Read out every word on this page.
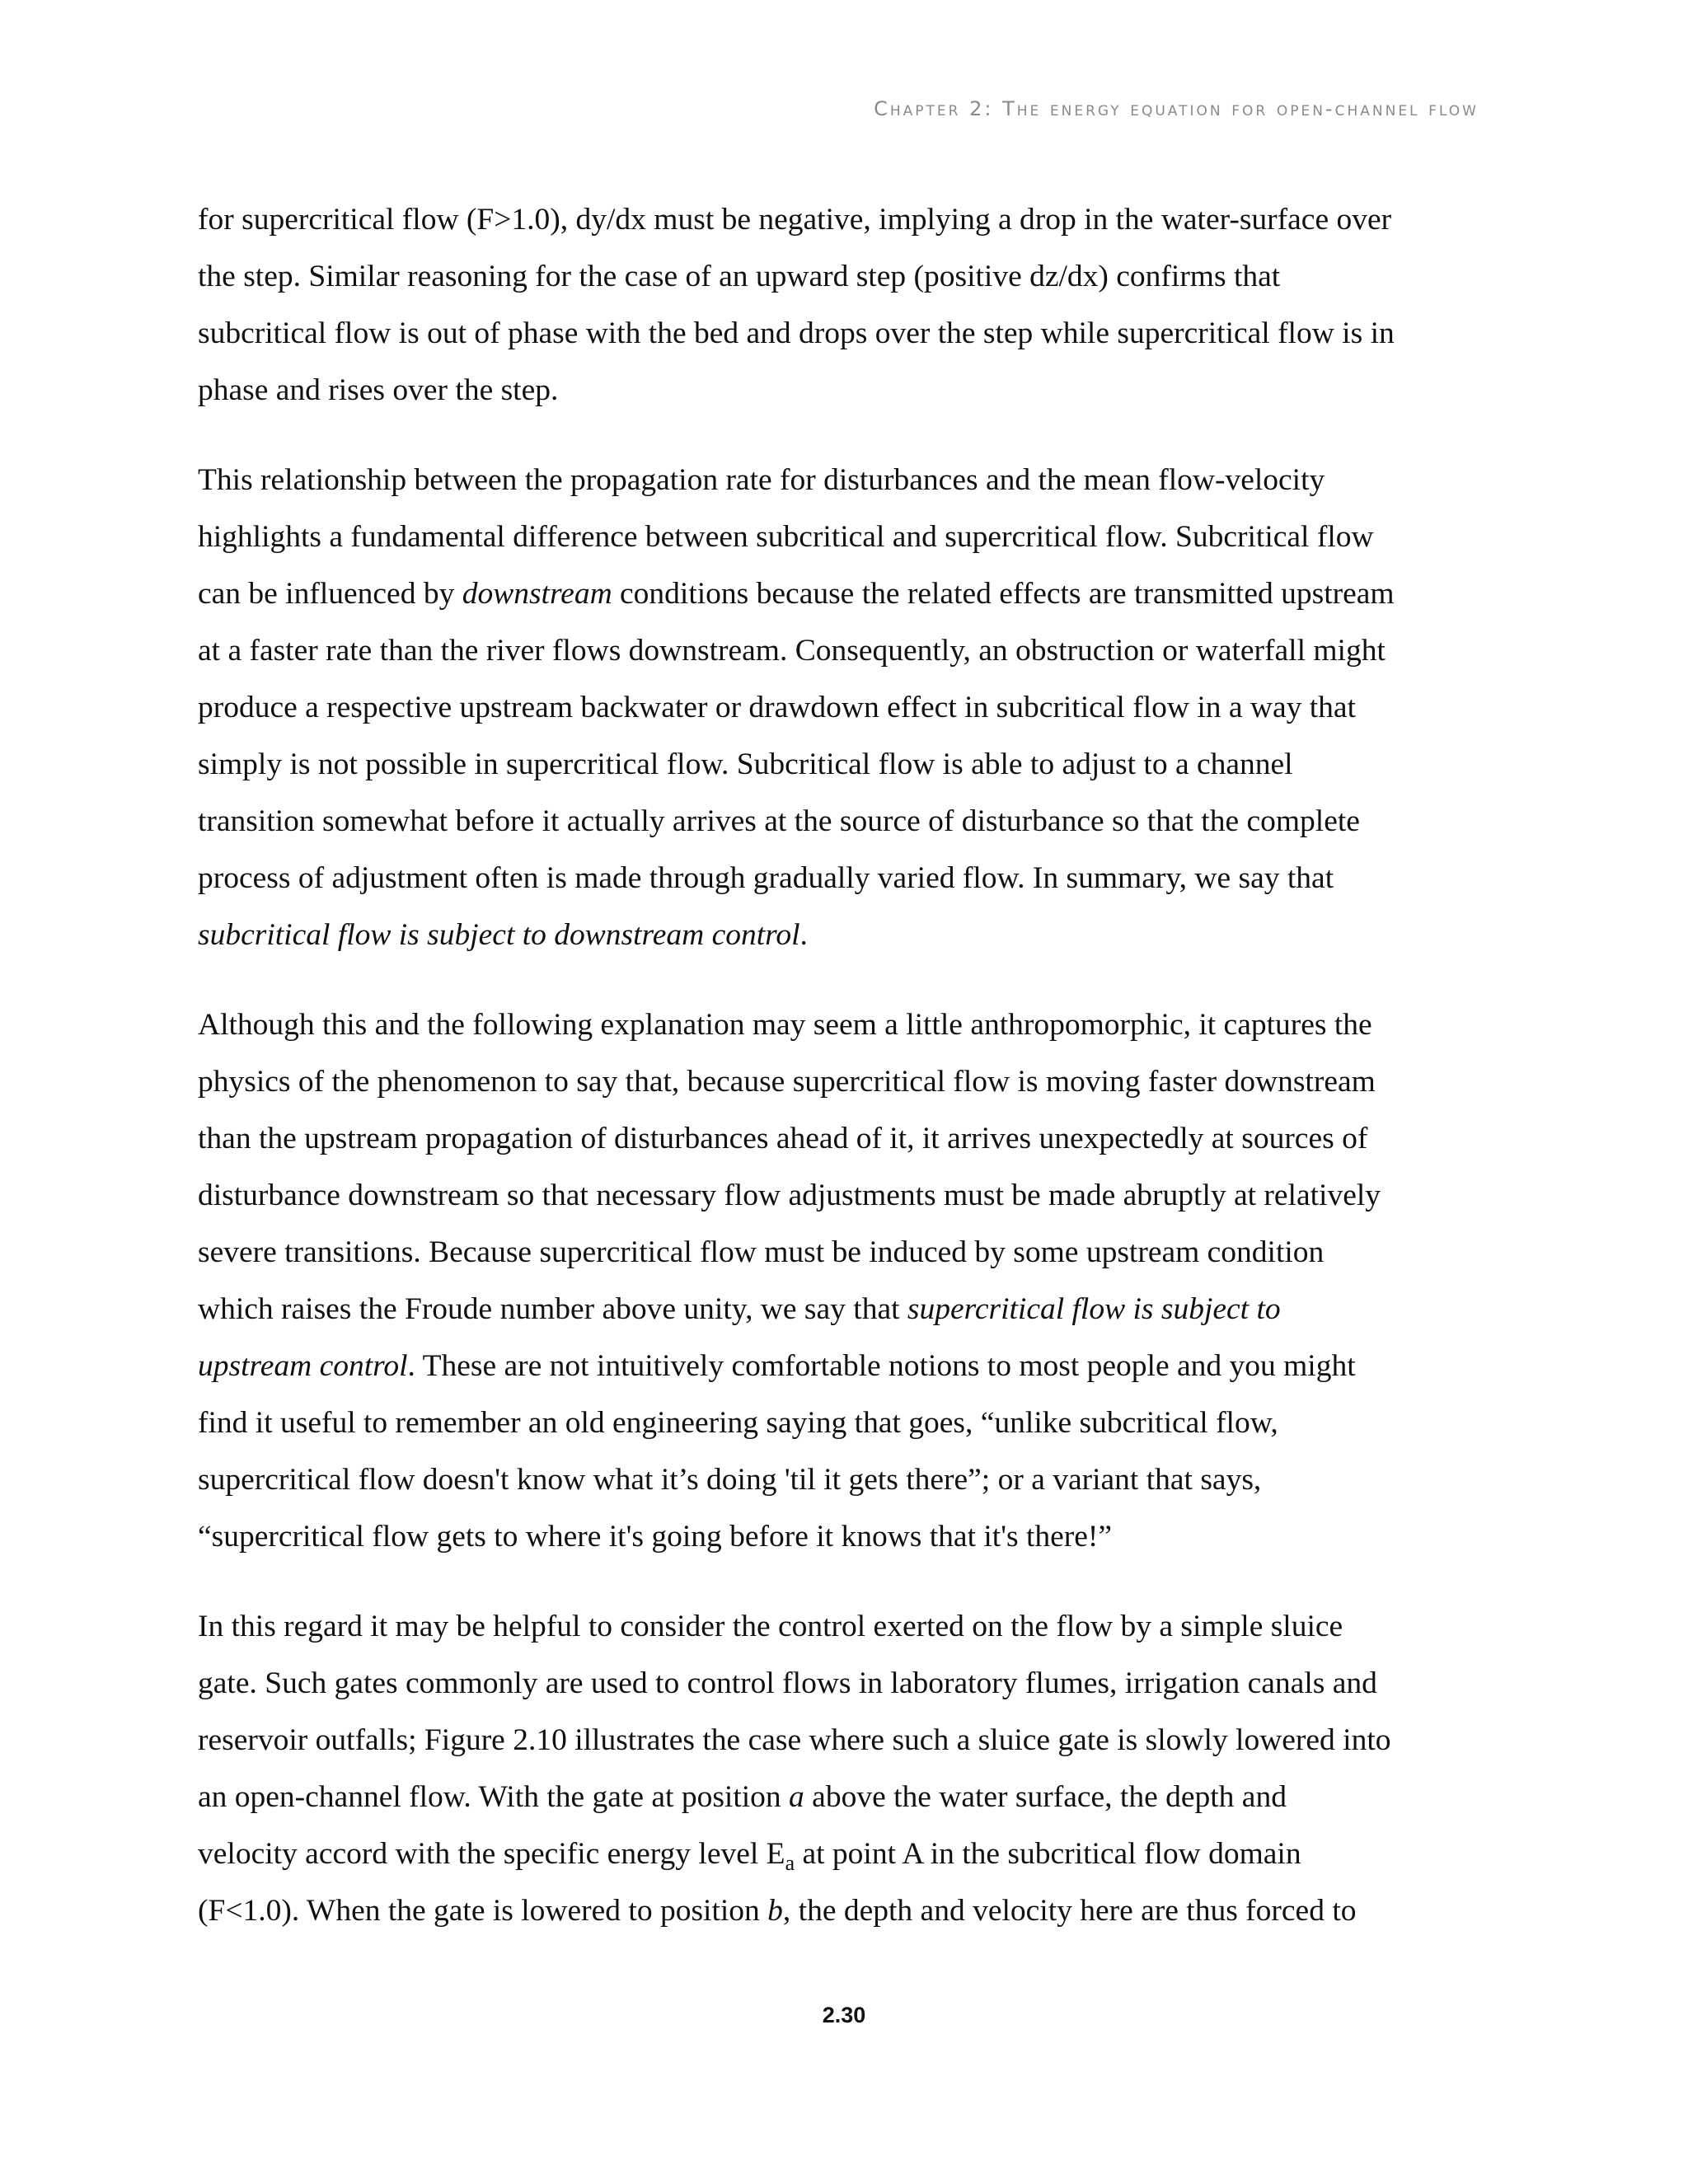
Chapter 2: The energy equation for open-channel flow

for supercritical flow (F>1.0), dy/dx must be negative, implying a drop in the water-surface over
the step. Similar reasoning for the case of an upward step (positive dz/dx) confirms that
subcritical flow is out of phase with the bed and drops over the step while supercritical flow is in
phase and rises over the step.

This relationship between the propagation rate for disturbances and the mean flow-velocity
highlights a fundamental difference between subcritical and supercritical flow. Subcritical flow
can be influenced by downstream conditions because the related effects are transmitted upstream
at a faster rate than the river flows downstream. Consequently, an obstruction or waterfall might
produce a respective upstream backwater or drawdown effect in subcritical flow in a way that
simply is not possible in supercritical flow. Subcritical flow is able to adjust to a channel
transition somewhat before it actually arrives at the source of disturbance so that the complete
process of adjustment often is made through gradually varied flow. In summary, we say that
subcritical flow is subject to downstream control.

Although this and the following explanation may seem a little anthropomorphic, it captures the
physics of the phenomenon to say that, because supercritical flow is moving faster downstream
than the upstream propagation of disturbances ahead of it, it arrives unexpectedly at sources of
disturbance downstream so that necessary flow adjustments must be made abruptly at relatively
severe transitions. Because supercritical flow must be induced by some upstream condition
which raises the Froude number above unity, we say that supercritical flow is subject to
upstream control. These are not intuitively comfortable notions to most people and you might
find it useful to remember an old engineering saying that goes, “unlike subcritical flow,
supercritical flow doesn't know what it’s doing 'til it gets there”; or a variant that says,
“supercritical flow gets to where it's going before it knows that it's there!”

In this regard it may be helpful to consider the control exerted on the flow by a simple sluice
gate. Such gates commonly are used to control flows in laboratory flumes, irrigation canals and
reservoir outfalls; Figure 2.10 illustrates the case where such a sluice gate is slowly lowered into
an open-channel flow. With the gate at position a above the water surface, the depth and
velocity accord with the specific energy level $E_a$ at point A in the subcritical flow domain
(F<1.0). When the gate is lowered to position b, the depth and velocity here are thus forced to

2.30
